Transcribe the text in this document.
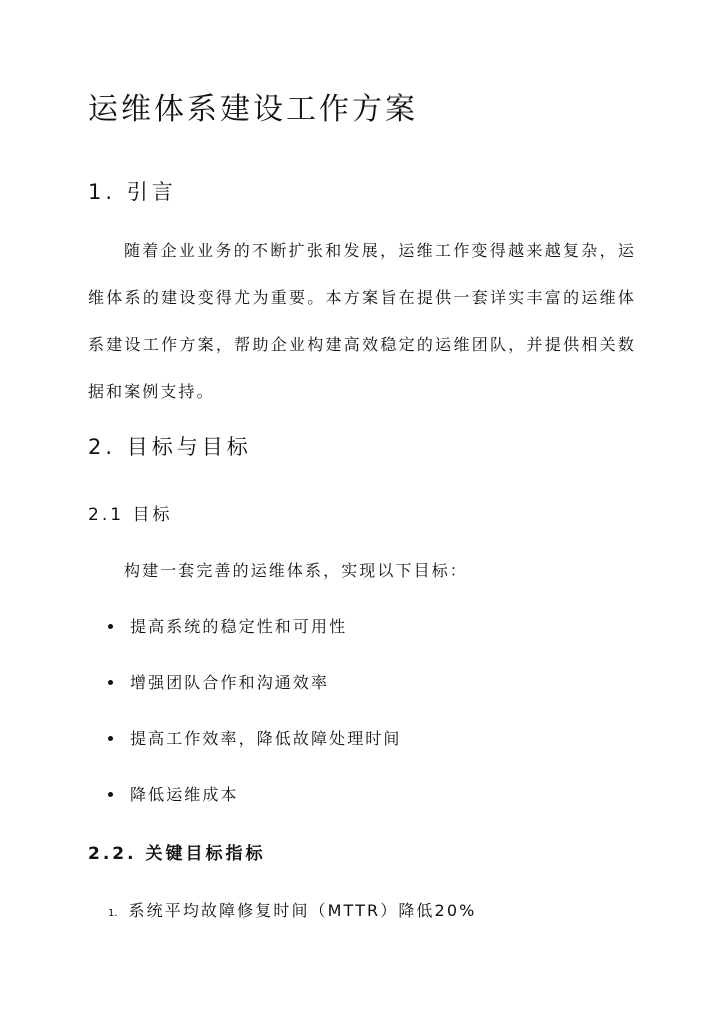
运维体系建设工作方案
1. 引言

随着企业业务的不断扩张和发展，运维工作变得越来越复杂，运维体系的建设变得尤为重要。本方案旨在提供一套详实丰富的运维体系建设工作方案，帮助企业构建高效稳定的运维团队，并提供相关数据和案例支持。

2. 目标与目标
2.1 目标

构建一套完善的运维体系，实现以下目标：

提高系统的稳定性和可用性
增强团队合作和沟通效率
提高工作效率，降低故障处理时间
降低运维成本
2.2. 关键目标指标
1. 系统平均故障修复时间（MTTR）降低20%
